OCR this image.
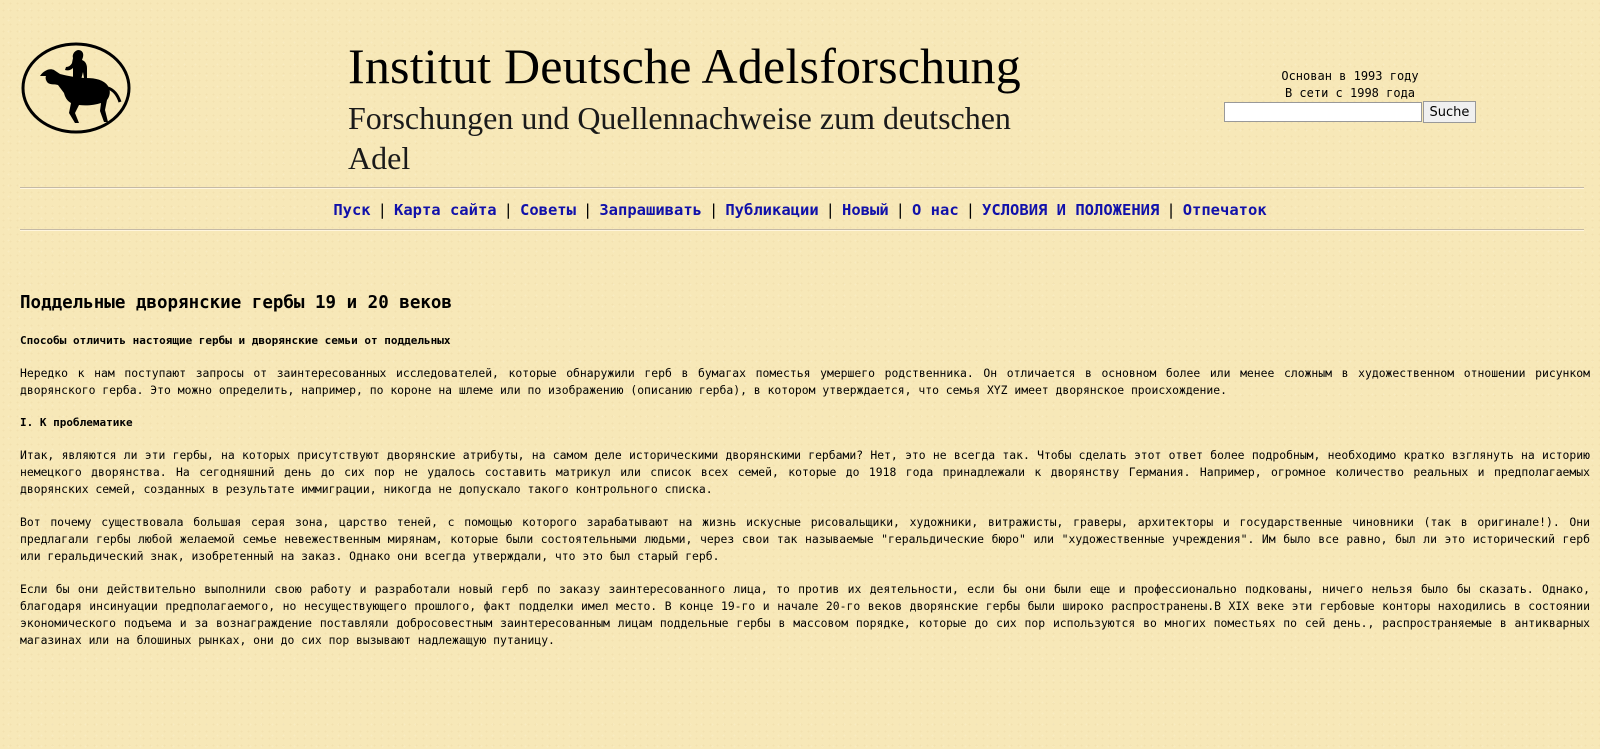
Institut Deutsche Adelsforschung
Forschungen und Quellennachweise zum deutschen Adel
Основан в 1993 году
В сети с 1998 года
Suche
Пуск | Карта сайта | Советы | Запрашивать | Публикации | Новый | О нас | УСЛОВИЯ И ПОЛОЖЕНИЯ | Отпечаток
Поддельные дворянские гербы 19 и 20 веков

Способы отличить настоящие гербы и дворянские семьи от поддельных

Нередко к нам поступают запросы от заинтересованных исследователей, которые обнаружили герб в бумагах поместья умершего родственника. Он отличается в основном более или менее сложным в художественном отношении рисунком дворянского герба. Это можно определить, например, по короне на шлеме или по изображению (описанию герба), в котором утверждается, что семья XYZ имеет дворянское происхождение.

I. К проблематике

Итак, являются ли эти гербы, на которых присутствуют дворянские атрибуты, на самом деле историческими дворянскими гербами? Нет, это не всегда так. Чтобы сделать этот ответ более подробным, необходимо кратко взглянуть на историю немецкого дворянства. На сегодняшний день до сих пор не удалось составить матрикул или список всех семей, которые до 1918 года принадлежали к дворянству Германия. Например, огромное количество реальных и предполагаемых дворянских семей, созданных в результате иммиграции, никогда не допускало такого контрольного списка.

Вот почему существовала большая серая зона, царство теней, с помощью которого зарабатывают на жизнь искусные рисовальщики, художники, витражисты, граверы, архитекторы и государственные чиновники (так в оригинале!). Они предлагали гербы любой желаемой семье невежественным мирянам, которые были состоятельными людьми, через свои так называемые "геральдические бюро" или "художественные учреждения". Им было все равно, был ли это исторический герб или геральдический знак, изобретенный на заказ. Однако они всегда утверждали, что это был старый герб.

Если бы они действительно выполнили свою работу и разработали новый герб по заказу заинтересованного лица, то против их деятельности, если бы они были еще и профессионально подкованы, ничего нельзя было бы сказать. Однако, благодаря инсинуации предполагаемого, но несуществующего прошлого, факт подделки имел место. В конце 19-го и начале 20-го веков дворянские гербы были широко распространены.В XIX веке эти гербовые конторы находились в состоянии экономического подъема и за вознаграждение поставляли добросовестным заинтересованным лицам поддельные гербы в массовом порядке, которые до сих пор используются во многих поместьях по сей день., распространяемые в антикварных магазинах или на блошиных рынках, они до сих пор вызывают надлежащую путаницу.
